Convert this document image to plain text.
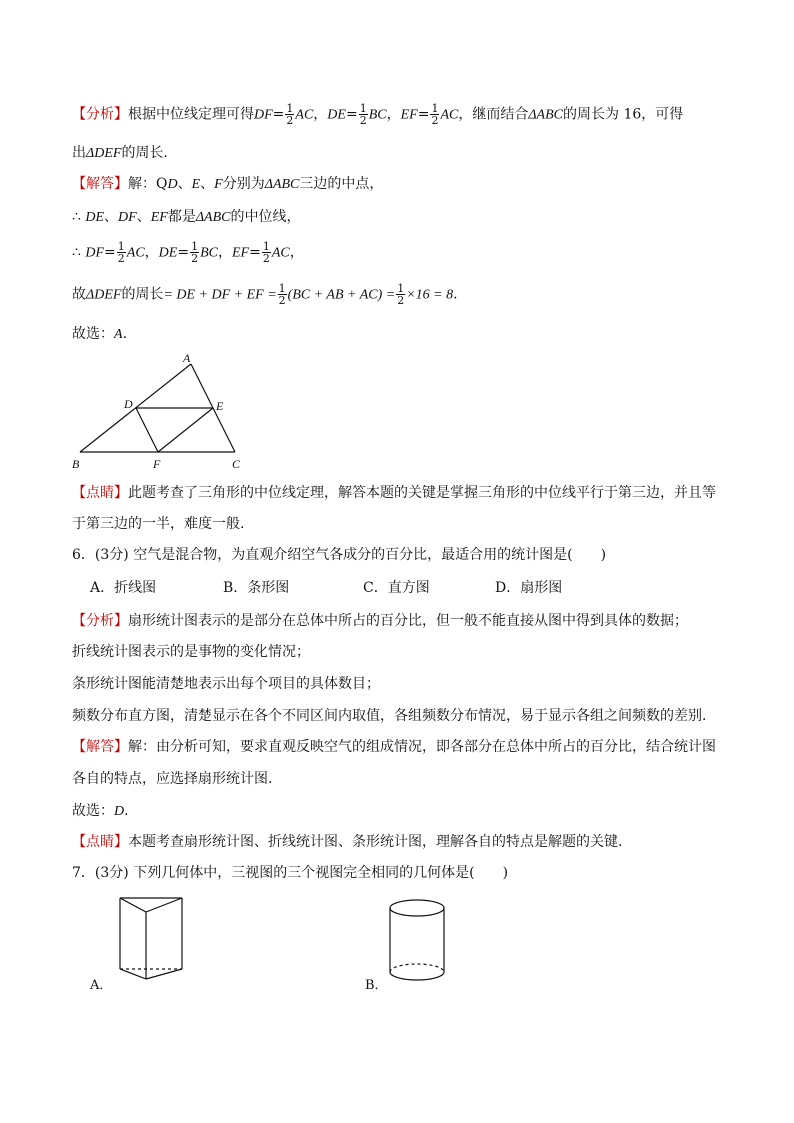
【分析】根据中位线定理可得$DF= \frac{1}{2}$ AC，$DE= \frac{1}{2}$ BC，$EF= \frac{1}{2}$ AC，继而结合ΔABC的周长为 16，可得
出ΔDEF的周长.
【解答】解：QD、E、F分别为ΔABC三边的中点，
∴ DE、DF、EF都是ΔABC的中位线，
∴ $DF= \frac{1}{2}$ AC，$DE= \frac{1}{2}$ BC，$EF= \frac{1}{2}$ AC，
故ΔDEF的周长= DE + DF + EF = $\frac{1}{2} (BC$ + AB + $AC) = \frac{1}{2} \times 16 = 8$.
故选：A.
A
B	C
D	E
F
【点睛】此题考查了三角形的中位线定理，解答本题的关键是掌握三角形的中位线平行于第三边，并且等
于第三边的一半，难度一般.
6．(3分) 空气是混合物，为直观介绍空气各成分的百分比，最适合用的统计图是(　　)
A．折线图	B．条形图	C．直方图	D．扇形图
【分析】扇形统计图表示的是部分在总体中所占的百分比，但一般不能直接从图中得到具体的数据；
折线统计图表示的是事物的变化情况；
条形统计图能清楚地表示出每个项目的具体数目；
频数分布直方图，清楚显示在各个不同区间内取值，各组频数分布情况，易于显示各组之间频数的差别.
【解答】解：由分析可知，要求直观反映空气的组成情况，即各部分在总体中所占的百分比，结合统计图
各自的特点，应选择扇形统计图.
故选：D.
【点睛】本题考查扇形统计图、折线统计图、条形统计图，理解各自的特点是解题的关键.
7．(3分) 下列几何体中，三视图的三个视图完全相同的几何体是(　　)
A．	B．
